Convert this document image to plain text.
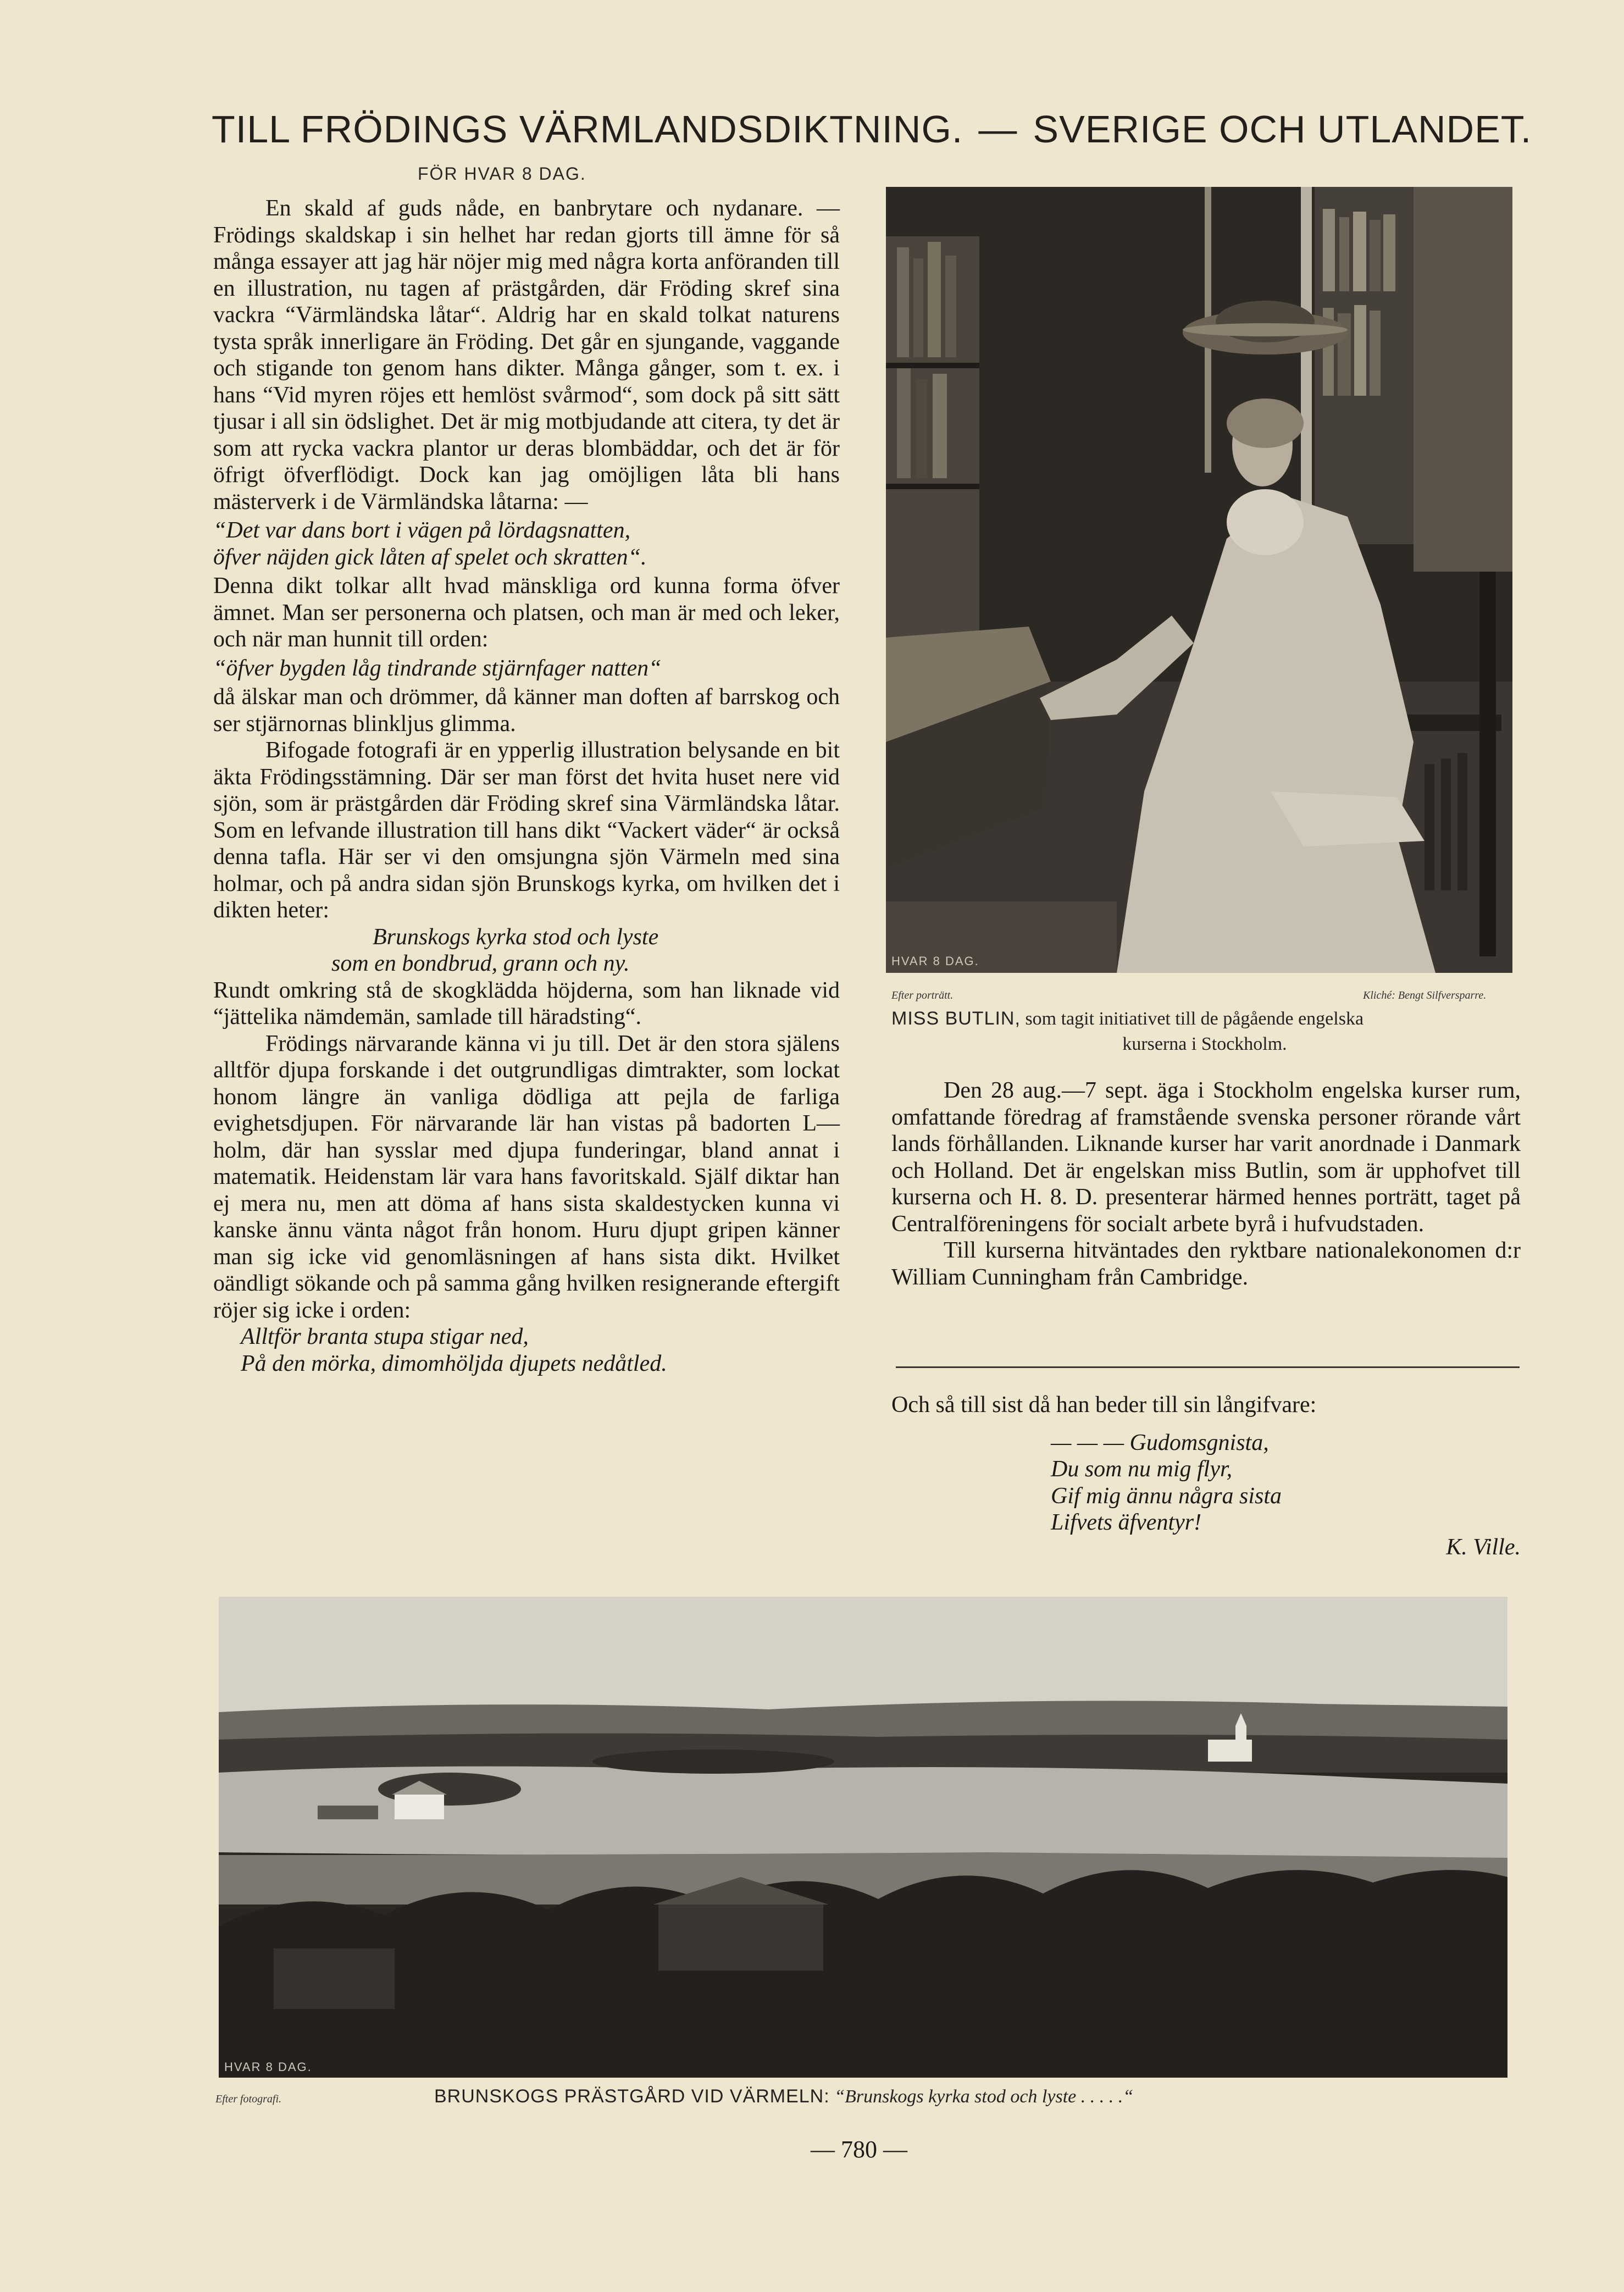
TILL FRÖDINGS VÄRMLANDSDIKTNING. — SVERIGE OCH UTLANDET.
FÖR HVAR 8 DAG.

En skald af guds nåde, en banbrytare och nydanare. — Frödings skaldskap i sin helhet har redan gjorts till ämne för så många essayer att jag här nöjer mig med några korta anföranden till en illustration, nu tagen af prästgården, där Fröding skref sina vackra “Värmländska låtar“. Aldrig har en skald tolkat naturens tysta språk innerligare än Fröding. Det går en sjungande, vaggande och stigande ton genom hans dikter. Många gånger, som t. ex. i hans “Vid myren röjes ett hemlöst svårmod“, som dock på sitt sätt tjusar i all sin ödslighet. Det är mig motbjudande att citera, ty det är som att rycka vackra plantor ur deras blombäddar, och det är för öfrigt öfverflödigt. Dock kan jag omöjligen låta bli hans mästerverk i de Värmländska låtarna: —

“Det var dans bort i vägen på lördagsnatten,

öfver näjden gick låten af spelet och skratten“.

Denna dikt tolkar allt hvad mänskliga ord kunna forma öfver ämnet. Man ser personerna och platsen, och man är med och leker, och när man hunnit till orden:

“öfver bygden låg tindrande stjärnfager natten“

då älskar man och drömmer, då känner man doften af barrskog och ser stjärnornas blinkljus glimma.

Bifogade fotografi är en ypperlig illustration belysande en bit äkta Frödingsstämning. Där ser man först det hvita huset nere vid sjön, som är prästgården där Fröding skref sina Värmländska låtar. Som en lefvande illustration till hans dikt “Vackert väder“ är också denna tafla. Här ser vi den omsjungna sjön Värmeln med sina holmar, och på andra sidan sjön Brunskogs kyrka, om hvilken det i dikten heter:

Brunskogs kyrka stod och lyste

som en bondbrud, grann och ny.

Rundt omkring stå de skogklädda höjderna, som han liknade vid “jättelika nämdemän, samlade till häradsting“.

Frödings närvarande känna vi ju till. Det är den stora själens alltför djupa forskande i det outgrundligas dimtrakter, som lockat honom längre än vanliga dödliga att pejla de farliga evighetsdjupen. För närvarande lär han vistas på badorten L—holm, där han sysslar med djupa funderingar, bland annat i matematik. Heidenstam lär vara hans favoritskald. Själf diktar han ej mera nu, men att döma af hans sista skaldestycken kunna vi kanske ännu vänta något från honom. Huru djupt gripen känner man sig icke vid genomläsningen af hans sista dikt. Hvilket oändligt sökande och på samma gång hvilken resignerande eftergift röjer sig icke i orden:

Alltför branta stupa stigar ned,

På den mörka, dimomhöljda djupets nedåtled.

HVAR 8 DAG.
Efter porträtt.	Kliché: Bengt Silfversparre.
MISS BUTLIN, som tagit initiativet till de pågående engelska
kurserna i Stockholm.

Den 28 aug.—7 sept. äga i Stockholm engelska kurser rum, omfattande föredrag af framstående svenska personer rörande vårt lands förhållanden. Liknande kurser har varit anordnade i Danmark och Holland. Det är engelskan miss Butlin, som är upphofvet till kurserna och H. 8. D. presenterar härmed hennes porträtt, taget på Centralföreningens för socialt arbete byrå i hufvudstaden.

Till kurserna hitväntades den ryktbare nationalekonomen d:r William Cunningham från Cambridge.

Och så till sist då han beder till sin långifvare:

— — — Gudomsgnista,

Du som nu mig flyr,

Gif mig ännu några sista

Lifvets äfventyr!

K. Ville.

HVAR 8 DAG.
Efter fotografi.	BRUNSKOGS PRÄSTGÅRD VID VÄRMELN: “Brunskogs kyrka stod och lyste . . . . .“
— 780 —
